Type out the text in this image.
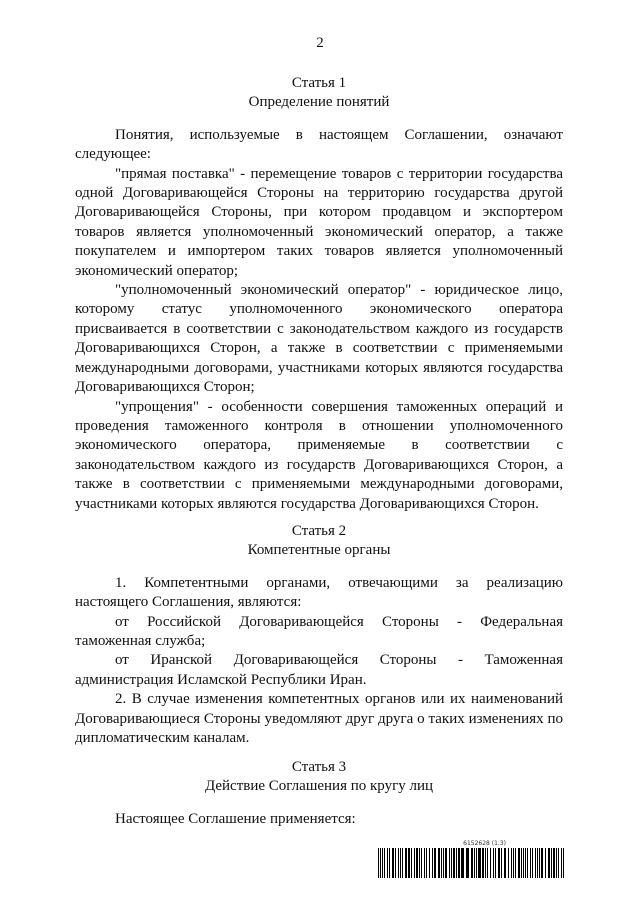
2
Статья 1
Определение понятий

Понятия, используемые в настоящем Соглашении, означают следующее:

"прямая поставка" - перемещение товаров с территории государства одной Договаривающейся Стороны на территорию государства другой Договаривающейся Стороны, при котором продавцом и экспортером товаров является уполномоченный экономический оператор, а также покупателем и импортером таких товаров является уполномоченный экономический оператор;

"уполномоченный экономический оператор" - юридическое лицо, которому статус уполномоченного экономического оператора присваивается в соответствии с законодательством каждого из государств Договаривающихся Сторон, а также в соответствии с применяемыми международными договорами, участниками которых являются государства Договаривающихся Сторон;

"упрощения" - особенности совершения таможенных операций и проведения таможенного контроля в отношении уполномоченного экономического оператора, применяемые в соответствии с законодательством каждого из государств Договаривающихся Сторон, а также в соответствии с применяемыми международными договорами, участниками которых являются государства Договаривающихся Сторон.

Статья 2
Компетентные органы

1. Компетентными органами, отвечающими за реализацию настоящего Соглашения, являются:

от Российской Договаривающейся Стороны - Федеральная таможенная служба;

от Иранской Договаривающейся Стороны - Таможенная администрация Исламской Республики Иран.

2. В случае изменения компетентных органов или их наименований Договаривающиеся Стороны уведомляют друг друга о таких изменениях по дипломатическим каналам.

Статья 3
Действие Соглашения по кругу лиц

Настоящее Соглашение применяется:

6152628 (1.3)
